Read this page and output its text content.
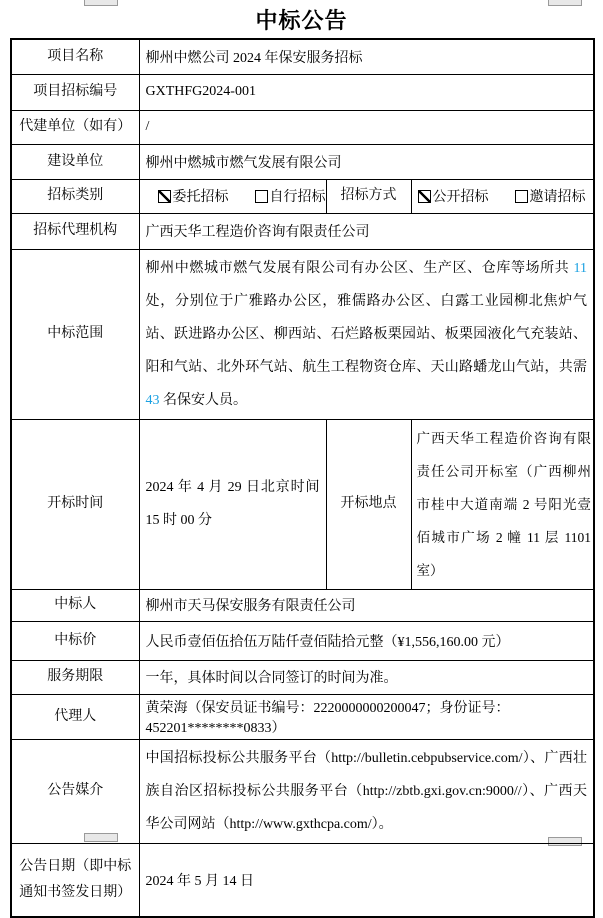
中标公告
项目名称	柳州中燃公司 2024 年保安服务招标		
项目招标编号	GXTHFG2024-001		
代建单位（如有）	/		
建设单位	柳州中燃城市燃气发展有限公司		
招标类别	委托招标 自行招标	招标方式	公开招标 邀请招标

招标代理机构	广西天华工程造价咨询有限责任公司		
中标范围	柳州中燃城市燃气发展有限公司有办公区、生产区、仓库等场所共 11 处，分别位于广雅路办公区，雅儒路办公区、白露工业园柳北焦炉气站、跃进路办公区、柳西站、石烂路板栗园站、板栗园液化气充装站、阳和气站、北外环气站、航生工程物资仓库、天山路蟠龙山气站，共需 43 名保安人员。		

开标时间	2024 年 4 月 29 日北京时间 15 时 00 分	开标地点	广西天华工程造价咨询有限责任公司开标室（广西柳州市桂中大道南端 2 号阳光壹佰城市广场 2 幢 11 层 1101 室）

中标人	柳州市天马保安服务有限责任公司		
中标价	人民币壹佰伍拾伍万陆仟壹佰陆拾元整（¥1,556,160.00 元）		
服务期限	一年，具体时间以合同签订的时间为准。		
代理人	黄荣海（保安员证书编号：2220000000200047；身份证号：452201********0833）		
公告媒介	中国招标投标公共服务平台（http://bulletin.cebpubservice.com/）、广西壮族自治区招标投标公共服务平台（http://zbtb.gxi.gov.cn:9000//）、广西天华公司网站（http://www.gxthcpa.com/）。		

公告日期（即中标通知书签发日期）	2024 年 5 月 14 日		
